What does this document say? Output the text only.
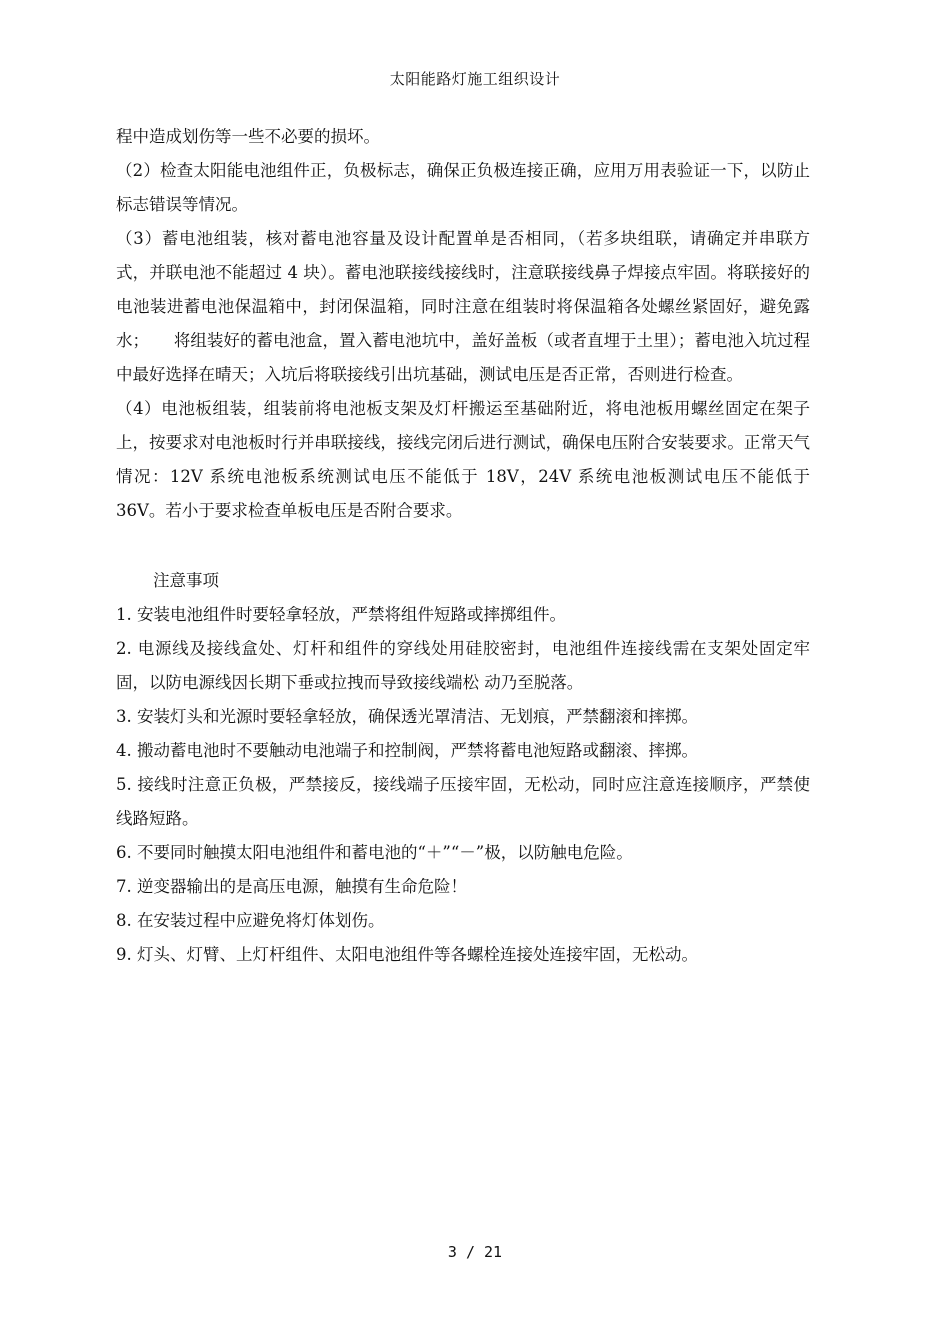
太阳能路灯施工组织设计

程中造成划伤等一些不必要的损坏。

（2）检查太阳能电池组件正，负极标志，确保正负极连接正确，应用万用表验证一下，以防止标志错误等情况。

（3）蓄电池组装，核对蓄电池容量及设计配置单是否相同，（若多块组联，请确定并串联方式，并联电池不能超过 4 块）。蓄电池联接线接线时，注意联接线鼻子焊接点牢固。将联接好的电池装进蓄电池保温箱中，封闭保温箱，同时注意在组装时将保温箱各处螺丝紧固好，避免露水；　　将组装好的蓄电池盒，置入蓄电池坑中，盖好盖板（或者直埋于土里）；蓄电池入坑过程中最好选择在晴天；入坑后将联接线引出坑基础，测试电压是否正常，否则进行检查。

（4）电池板组装，组装前将电池板支架及灯杆搬运至基础附近，将电池板用螺丝固定在架子上，按要求对电池板时行并串联接线，接线完闭后进行测试，确保电压附合安装要求。正常天气情况：12V 系统电池板系统测试电压不能低于 18V，24V 系统电池板测试电压不能低于 36V。若小于要求检查单板电压是否附合要求。

注意事项

1. 安装电池组件时要轻拿轻放，严禁将组件短路或摔掷组件。

2. 电源线及接线盒处、灯杆和组件的穿线处用硅胶密封，电池组件连接线需在支架处固定牢固，以防电源线因长期下垂或拉拽而导致接线端松 动乃至脱落。

3. 安装灯头和光源时要轻拿轻放，确保透光罩清洁、无划痕，严禁翻滚和摔掷。

4. 搬动蓄电池时不要触动电池端子和控制阀，严禁将蓄电池短路或翻滚、摔掷。

5. 接线时注意正负极，严禁接反，接线端子压接牢固，无松动，同时应注意连接顺序，严禁使线路短路。

6. 不要同时触摸太阳电池组件和蓄电池的“＋”“－”极，以防触电危险。

7. 逆变器输出的是高压电源，触摸有生命危险！

8. 在安装过程中应避免将灯体划伤。

9. 灯头、灯臂、上灯杆组件、太阳电池组件等各螺栓连接处连接牢固，无松动。

3 / 21
